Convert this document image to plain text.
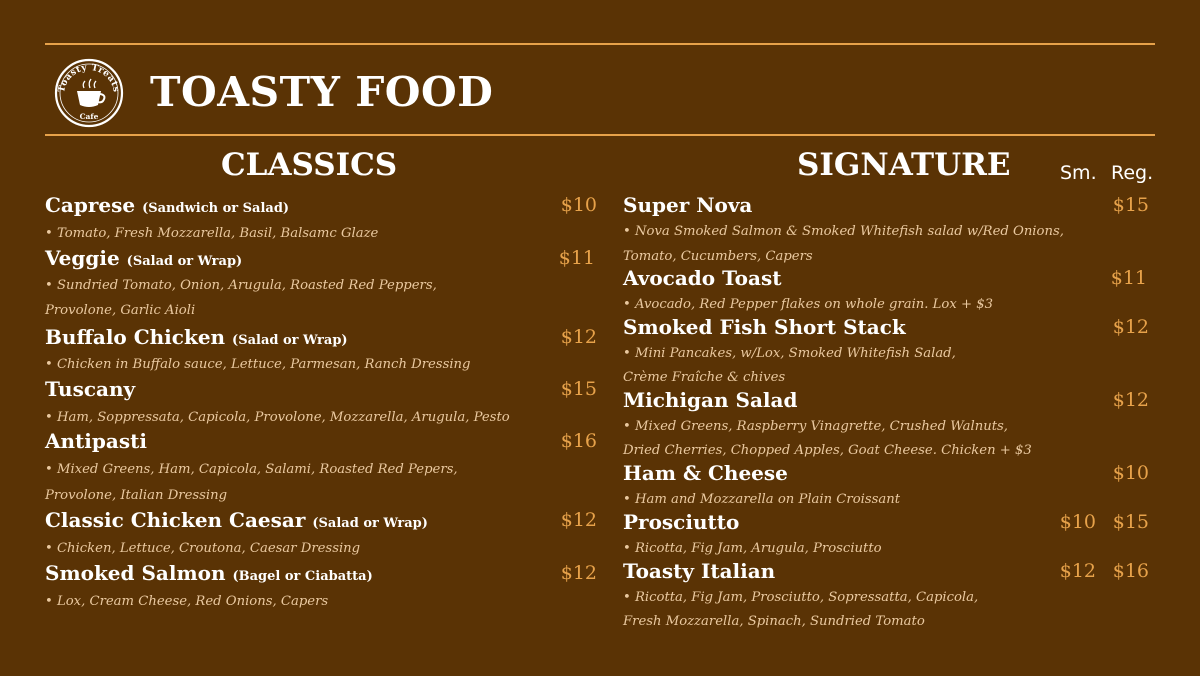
Toasty Treats
Cafe
TOASTY FOOD
CLASSICS	SIGNATURE	Sm. Reg.
Caprese (Sandwich or Salad)	$10
• Tomato, Fresh Mozzarella, Basil, Balsamc Glaze
Veggie (Salad or Wrap)	$11
• Sundried Tomato, Onion, Arugula, Roasted Red Peppers,
Provolone, Garlic Aioli
Buffalo Chicken (Salad or Wrap)	$12
• Chicken in Buffalo sauce, Lettuce, Parmesan, Ranch Dressing
Tuscany	$15
• Ham, Soppressata, Capicola, Provolone, Mozzarella, Arugula, Pesto
Antipasti	$16
• Mixed Greens, Ham, Capicola, Salami, Roasted Red Pepers,
Provolone, Italian Dressing
Classic Chicken Caesar (Salad or Wrap)	$12
• Chicken, Lettuce, Croutona, Caesar Dressing
Smoked Salmon (Bagel or Ciabatta)	$12
• Lox, Cream Cheese, Red Onions, Capers
Super Nova	$15
• Nova Smoked Salmon & Smoked Whitefish salad w/Red Onions,
Tomato, Cucumbers, Capers
Avocado Toast	$11
• Avocado, Red Pepper flakes on whole grain. Lox + $3
Smoked Fish Short Stack	$12
• Mini Pancakes, w/Lox, Smoked Whitefish Salad,
Crème Fraîche & chives
Michigan Salad	$12
• Mixed Greens, Raspberry Vinagrette, Crushed Walnuts,
Dried Cherries, Chopped Apples, Goat Cheese. Chicken + $3
Ham & Cheese	$10
• Ham and Mozzarella on Plain Croissant
Prosciutto	$10 $15
• Ricotta, Fig Jam, Arugula, Prosciutto
Toasty Italian	$12 $16
• Ricotta, Fig Jam, Prosciutto, Sopressatta, Capicola,
Fresh Mozzarella, Spinach, Sundried Tomato
